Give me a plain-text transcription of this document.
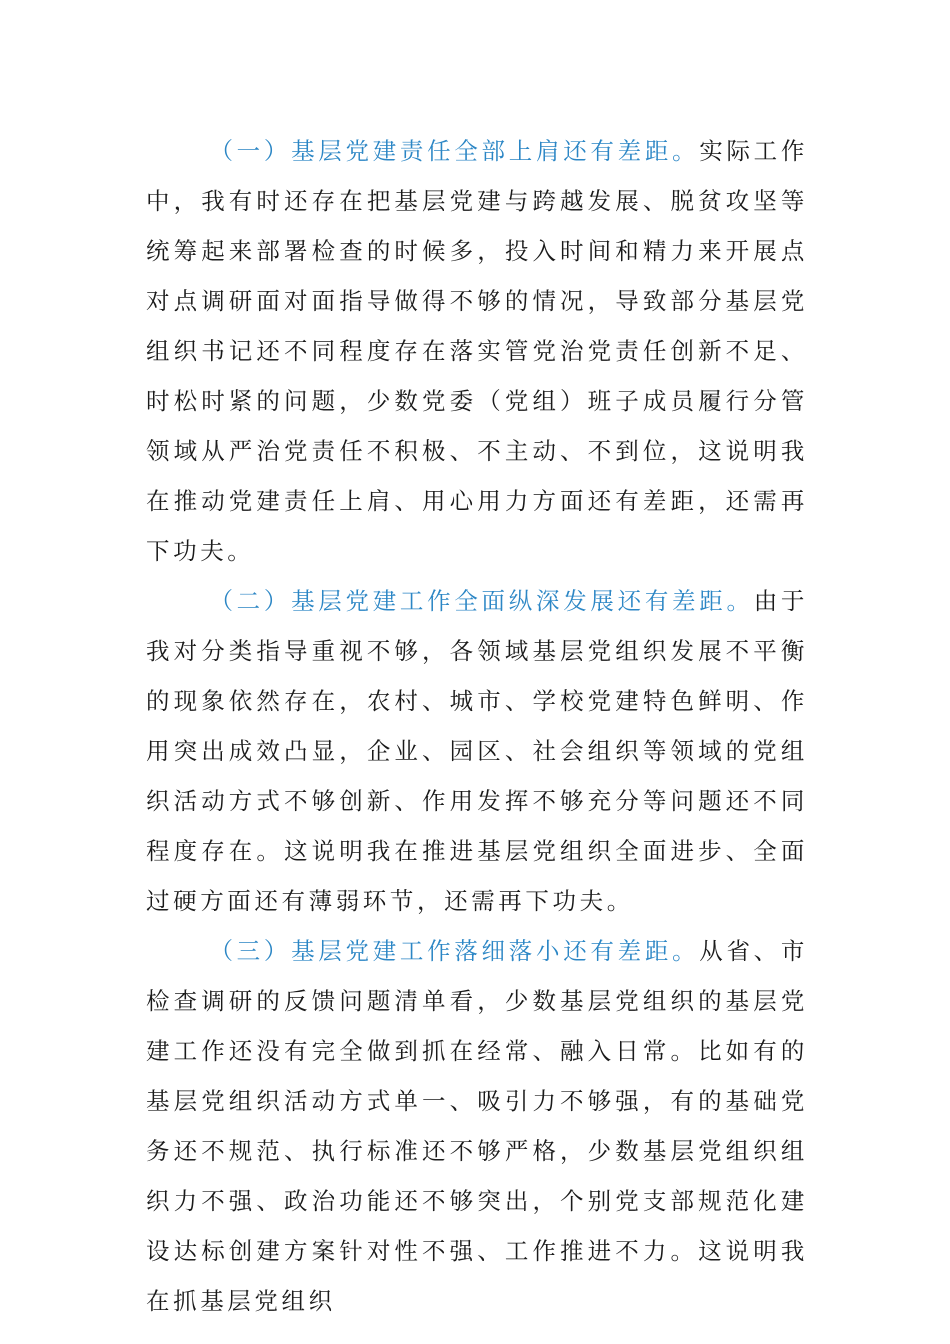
（一）基层党建责任全部上肩还有差距。实际工作中，我有时还存在把基层党建与跨越发展、脱贫攻坚等统筹起来部署检查的时候多，投入时间和精力来开展点对点调研面对面指导做得不够的情况，导致部分基层党组织书记还不同程度存在落实管党治党责任创新不足、时松时紧的问题，少数党委（党组）班子成员履行分管领域从严治党责任不积极、不主动、不到位，这说明我在推动党建责任上肩、用心用力方面还有差距，还需再下功夫。

（二）基层党建工作全面纵深发展还有差距。由于我对分类指导重视不够，各领域基层党组织发展不平衡的现象依然存在，农村、城市、学校党建特色鲜明、作用突出成效凸显，企业、园区、社会组织等领域的党组织活动方式不够创新、作用发挥不够充分等问题还不同程度存在。这说明我在推进基层党组织全面进步、全面过硬方面还有薄弱环节，还需再下功夫。

（三）基层党建工作落细落小还有差距。从省、市检查调研的反馈问题清单看，少数基层党组织的基层党建工作还没有完全做到抓在经常、融入日常。比如有的基层党组织活动方式单一、吸引力不够强，有的基础党务还不规范、执行标准还不够严格，少数基层党组织组织力不强、政治功能还不够突出，个别党支部规范化建设达标创建方案针对性不强、工作推进不力。这说明我在抓基层党组织
